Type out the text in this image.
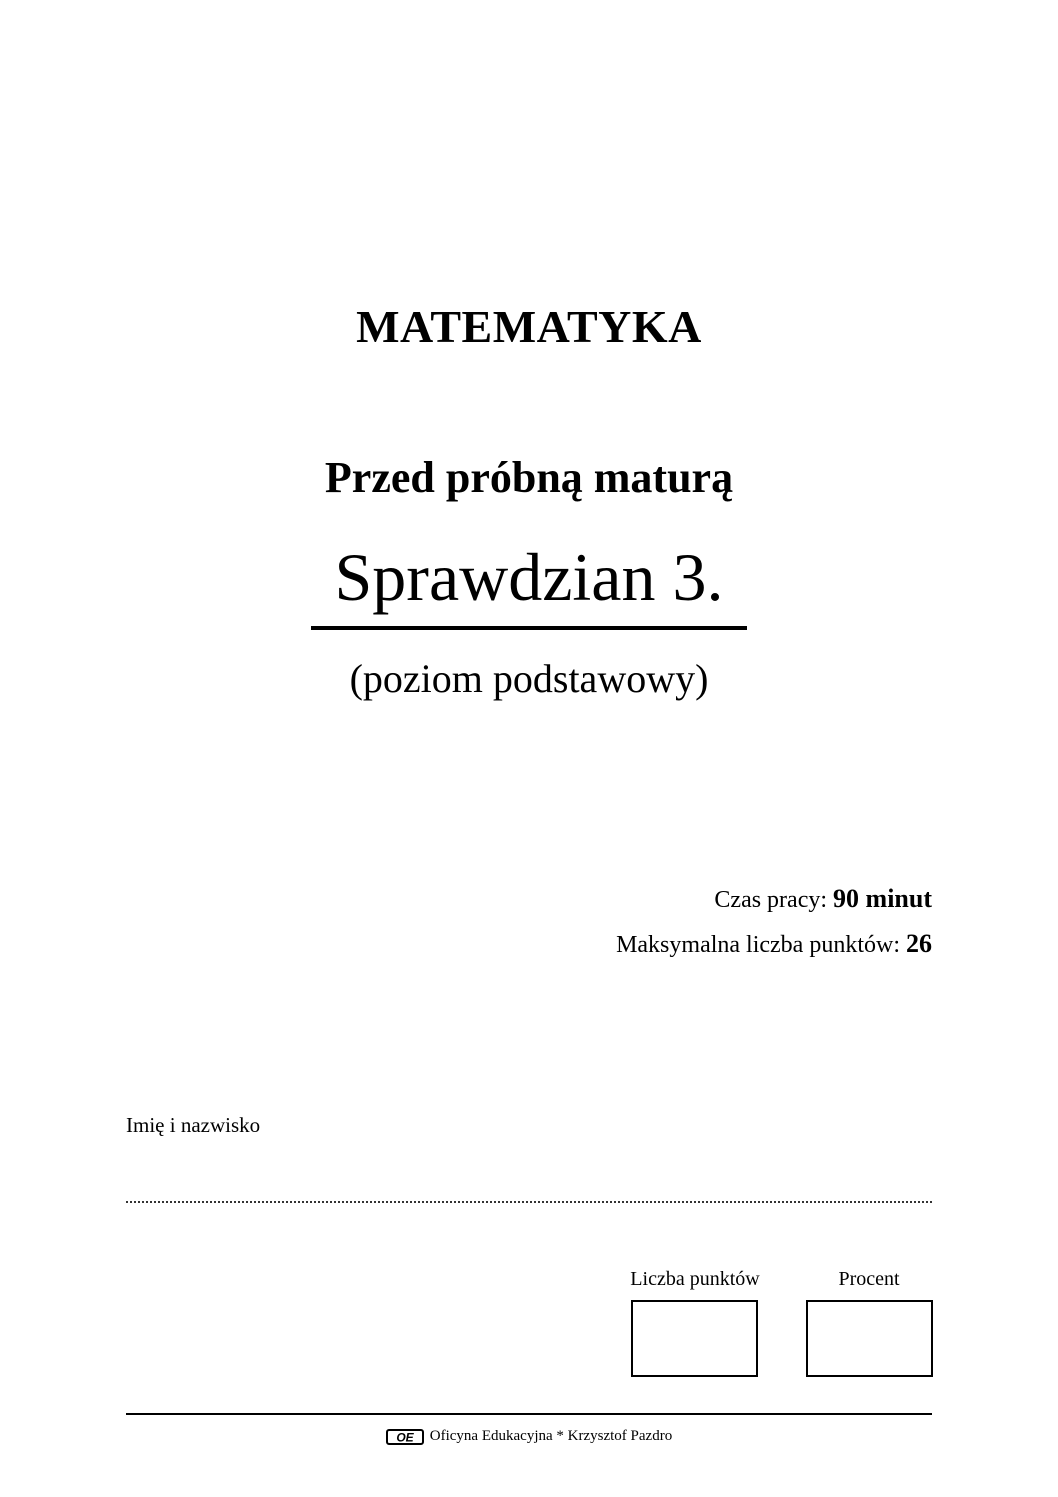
MATEMATYKA
Przed próbną maturą
Sprawdzian 3.
(poziom podstawowy)
Czas pracy: 90 minut
Maksymalna liczba punktów: 26
Imię i nazwisko
Liczba punktów	Procent
OE Oficyna Edukacyjna * Krzysztof Pazdro
